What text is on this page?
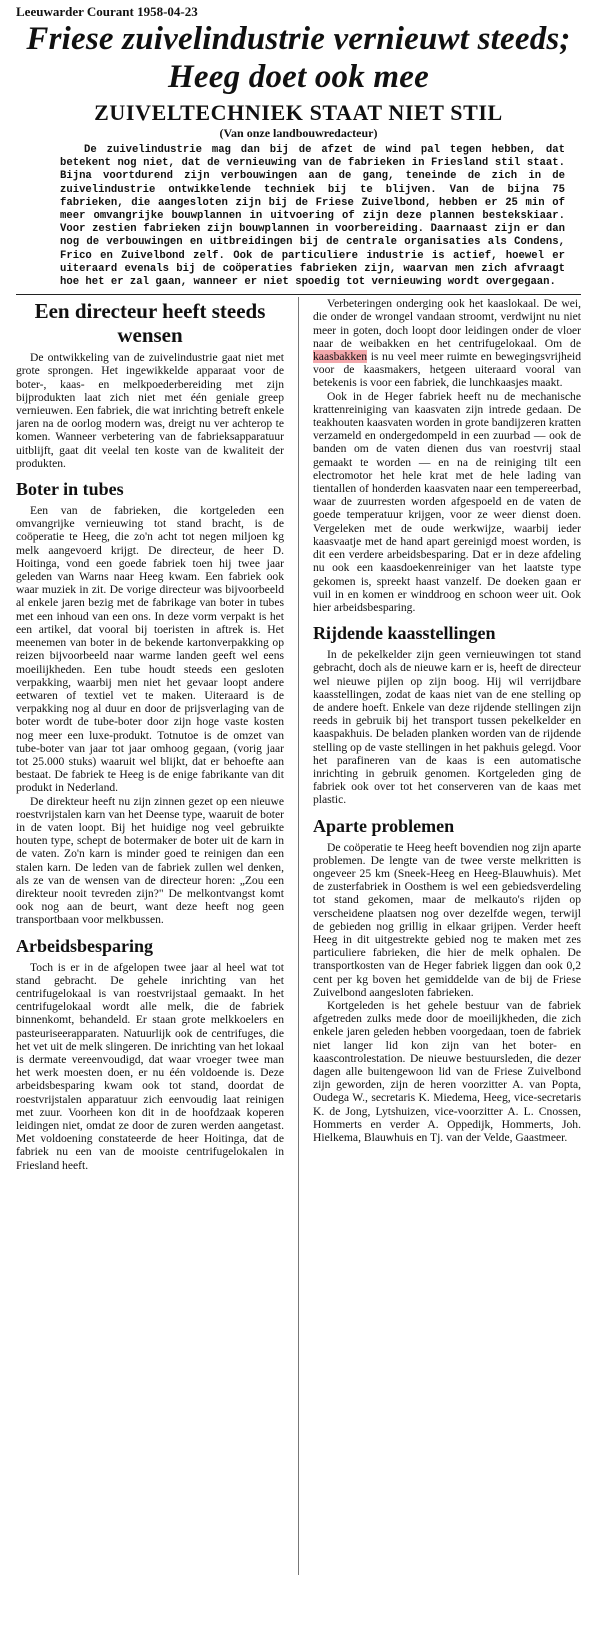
Leeuwarder Courant 1958-04-23
Friese zuivelindustrie vernieuwt steeds; Heeg doet ook mee
ZUIVELTECHNIEK STAAT NIET STIL
(Van onze landbouwredacteur)

De zuivelindustrie mag dan bij de afzet de wind pal tegen hebben, dat betekent nog niet, dat de vernieuwing van de fabrieken in Friesland stil staat. Bijna voortdurend zijn verbouwingen aan de gang, teneinde de zich in de zuivelindustrie ontwikkelende techniek bij te blijven. Van de bijna 75 fabrieken, die aangesloten zijn bij de Friese Zuivelbond, hebben er 25 min of meer omvangrijke bouwplannen in uitvoering of zijn deze plannen bestekskiaar. Voor zestien fabrieken zijn bouwplannen in voorbereiding. Daarnaast zijn er dan nog de verbouwingen en uitbreidingen bij de centrale organisaties als Condens, Frico en Zuivelbond zelf. Ook de particuliere industrie is actief, hoewel er uiteraard evenals bij de coöperaties fabrieken zijn, waarvan men zich afvraagt hoe het er zal gaan, wanneer er niet spoedig tot vernieuwing wordt overgegaan.

Een directeur heeft steeds wensen

De ontwikkeling van de zuivelindustrie gaat niet met grote sprongen. Het ingewikkelde apparaat voor de boter-, kaas- en melkpoederbereiding met zijn bijprodukten laat zich niet met één geniale greep vernieuwen. Een fabriek, die wat inrichting betreft enkele jaren na de oorlog modern was, dreigt nu ver achterop te komen. Wanneer verbetering van de fabrieksapparatuur uitblijft, gaat dit veelal ten koste van de kwaliteit der produkten.

Boter in tubes

Een van de fabrieken, die kortgeleden een omvangrijke vernieuwing tot stand bracht, is de coöperatie te Heeg, die zo'n acht tot negen miljoen kg melk aangevoerd krijgt. De directeur, de heer D. Hoitinga, vond een goede fabriek toen hij twee jaar geleden van Warns naar Heeg kwam. Een fabriek ook waar muziek in zit. De vorige directeur was bijvoorbeeld al enkele jaren bezig met de fabrikage van boter in tubes met een inhoud van een ons. In deze vorm verpakt is het een artikel, dat vooral bij toeristen in aftrek is. Het meenemen van boter in de bekende kartonverpakking op reizen bijvoorbeeld naar warme landen geeft wel eens moeilijkheden. Een tube houdt steeds een gesloten verpakking, waarbij men niet het gevaar loopt andere eetwaren of textiel vet te maken. Uiteraard is de verpakking nog al duur en door de prijsverlaging van de boter wordt de tube-boter door zijn hoge vaste kosten nog meer een luxe-produkt. Totnutoe is de omzet van tube-boter van jaar tot jaar omhoog gegaan, (vorig jaar tot 25.000 stuks) waaruit wel blijkt, dat er behoefte aan bestaat. De fabriek te Heeg is de enige fabrikante van dit produkt in Nederland.

De direkteur heeft nu zijn zinnen gezet op een nieuwe roestvrijstalen karn van het Deense type, waaruit de boter in de vaten loopt. Bij het huidige nog veel gebruikte houten type, schept de botermaker de boter uit de karn in de vaten. Zo'n karn is minder goed te reinigen dan een stalen karn. De leden van de fabriek zullen wel denken, als ze van de wensen van de directeur horen: „Zou een direkteur nooit tevreden zijn?" De melkontvangst komt ook nog aan de beurt, want deze heeft nog geen transportbaan voor melkbussen.

Arbeidsbesparing

Toch is er in de afgelopen twee jaar al heel wat tot stand gebracht. De gehele inrichting van het centrifugelokaal is van roestvrijstaal gemaakt. In het centrifugelokaal wordt alle melk, die de fabriek binnenkomt, behandeld. Er staan grote melkkoelers en pasteuriseerapparaten. Natuurlijk ook de centrifuges, die het vet uit de melk slingeren. De inrichting van het lokaal is dermate vereenvoudigd, dat waar vroeger twee man het werk moesten doen, er nu één voldoende is. Deze arbeidsbesparing kwam ook tot stand, doordat de roestvrijstalen apparatuur zich eenvoudig laat reinigen met zuur. Voorheen kon dit in de hoofdzaak koperen leidingen niet, omdat ze door de zuren werden aangetast. Met voldoening constateerde de heer Hoitinga, dat de fabriek nu een van de mooiste centrifugelokalen in Friesland heeft.

Verbeteringen onderging ook het kaaslokaal. De wei, die onder de wrongel vandaan stroomt, verdwijnt nu niet meer in goten, doch loopt door leidingen onder de vloer naar de weibakken en het centrifugelokaal. Om de kaasbakken is nu veel meer ruimte en bewegingsvrijheid voor de kaasmakers, hetgeen uiteraard vooral van betekenis is voor een fabriek, die lunchkaasjes maakt.

Ook in de Heger fabriek heeft nu de mechanische krattenreiniging van kaasvaten zijn intrede gedaan. De teakhouten kaasvaten worden in grote bandijzeren kratten verzameld en ondergedompeld in een zuurbad — ook de banden om de vaten dienen dus van roestvrij staal gemaakt te worden — en na de reiniging tilt een electromotor het hele krat met de hele lading van tientallen of honderden kaasvaten naar een tempereerbad, waar de zuurresten worden afgespoeld en de vaten de goede temperatuur krijgen, voor ze weer dienst doen. Vergeleken met de oude werkwijze, waarbij ieder kaasvaatje met de hand apart gereinigd moest worden, is dit een verdere arbeidsbesparing. Dat er in deze afdeling nu ook een kaasdoekenreiniger van het laatste type gekomen is, spreekt haast vanzelf. De doeken gaan er vuil in en komen er winddroog en schoon weer uit. Ook hier arbeidsbesparing.

Rijdende kaasstellingen

In de pekelkelder zijn geen vernieuwingen tot stand gebracht, doch als de nieuwe karn er is, heeft de directeur wel nieuwe pijlen op zijn boog. Hij wil verrijdbare kaasstellingen, zodat de kaas niet van de ene stelling op de andere hoeft. Enkele van deze rijdende stellingen zijn reeds in gebruik bij het transport tussen pekelkelder en kaaspakhuis. De beladen planken worden van de rijdende stelling op de vaste stellingen in het pakhuis gelegd. Voor het parafineren van de kaas is een automatische inrichting in gebruik genomen. Kortgeleden ging de fabriek ook over tot het conserveren van de kaas met plastic.

Aparte problemen

De coöperatie te Heeg heeft bovendien nog zijn aparte problemen. De lengte van de twee verste melkritten is ongeveer 25 km (Sneek-Heeg en Heeg-Blauwhuis). Met de zusterfabriek in Oosthem is wel een gebiedsverdeling tot stand gekomen, maar de melkauto's rijden op verscheidene plaatsen nog over dezelfde wegen, terwijl de gebieden nog grillig in elkaar grijpen. Verder heeft Heeg in dit uitgestrekte gebied nog te maken met zes particuliere fabrieken, die hier de melk ophalen. De transportkosten van de Heger fabriek liggen dan ook 0,2 cent per kg boven het gemiddelde van de bij de Friese Zuivelbond aangesloten fabrieken.

Kortgeleden is het gehele bestuur van de fabriek afgetreden zulks mede door de moeilijkheden, die zich enkele jaren geleden hebben voorgedaan, toen de fabriek niet langer lid kon zijn van het boter- en kaascontrolestation. De nieuwe bestuursleden, die dezer dagen alle buitengewoon lid van de Friese Zuivelbond zijn geworden, zijn de heren voorzitter A. van Popta, Oudega W., secretaris K. Miedema, Heeg, vice-secretaris K. de Jong, Lytshuizen, vice-voorzitter A. L. Cnossen, Hommerts en verder A. Oppedijk, Hommerts, Joh. Hielkema, Blauwhuis en Tj. van der Velde, Gaastmeer.
